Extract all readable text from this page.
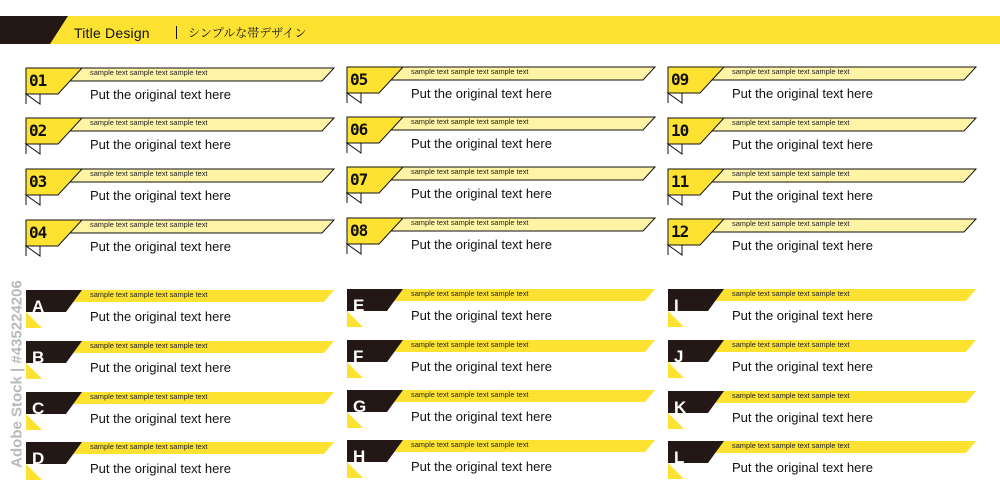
Title Design	シンプルな帯デザイン
01	sample text sample text sample text
Put the original text here
02	sample text sample text sample text
Put the original text here
03	sample text sample text sample text
Put the original text here
04	sample text sample text sample text
Put the original text here
05	sample text sample text sample text
Put the original text here
06	sample text sample text sample text
Put the original text here
07	sample text sample text sample text
Put the original text here
08	sample text sample text sample text
Put the original text here
09	sample text sample text sample text
Put the original text here
10	sample text sample text sample text
Put the original text here
11	sample text sample text sample text
Put the original text here
12	sample text sample text sample text
Put the original text here
A
sample text sample text sample text
Put the original text here
B
sample text sample text sample text
Put the original text here
C
sample text sample text sample text
Put the original text here
D
sample text sample text sample text
Put the original text here
E
sample text sample text sample text
Put the original text here
F
sample text sample text sample text
Put the original text here
G
sample text sample text sample text
Put the original text here
H
sample text sample text sample text
Put the original text here
I
sample text sample text sample text
Put the original text here
J
sample text sample text sample text
Put the original text here
K
sample text sample text sample text
Put the original text here
L
sample text sample text sample text
Put the original text here
Adobe Stock | #435224206
